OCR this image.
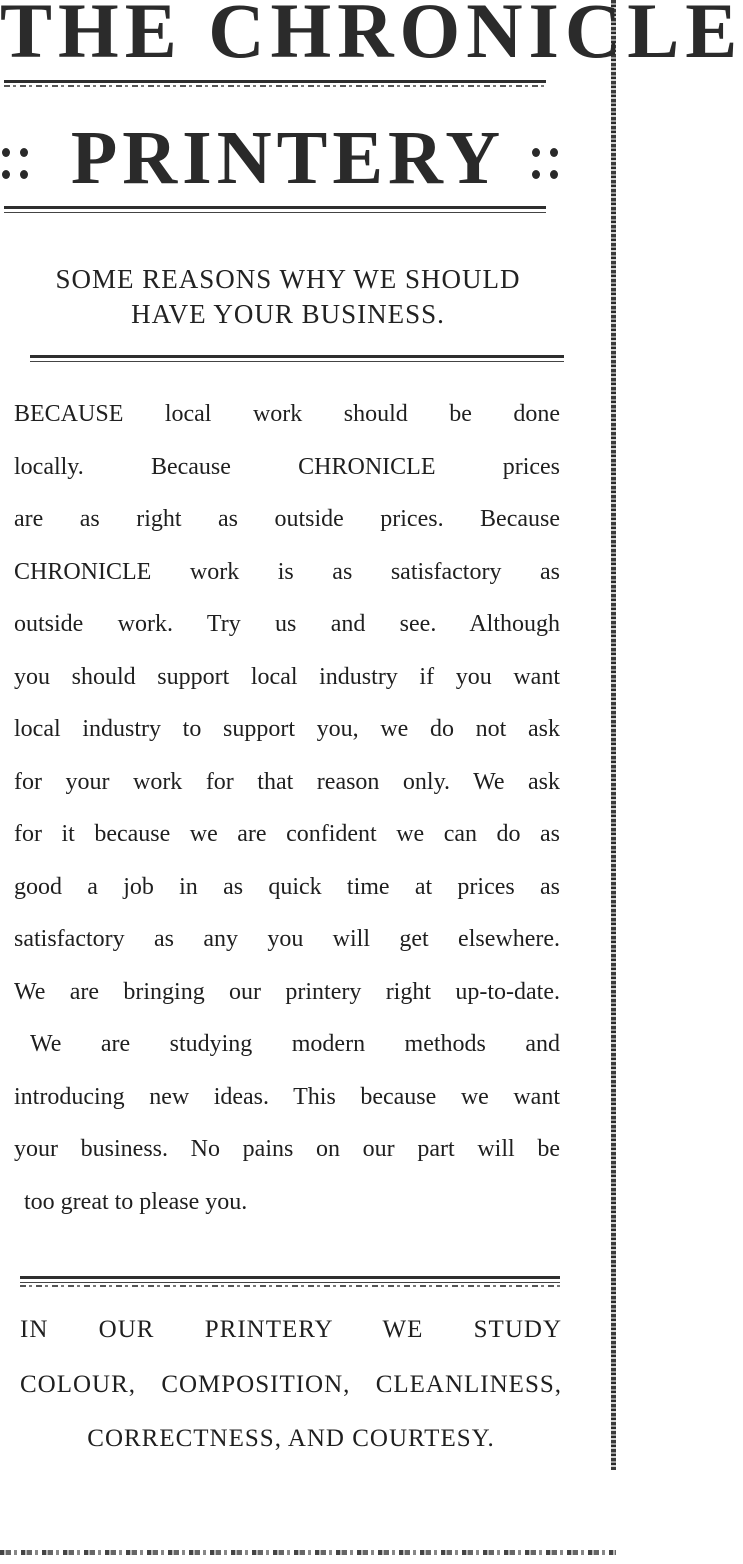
THE CHRONICLE
PRINTERY
SOME REASONS WHY WE SHOULD
HAVE YOUR BUSINESS.
BECAUSE local work should be done
locally. Because CHRONICLE prices
are as right as outside prices. Because
CHRONICLE work is as satisfactory as
outside work. Try us and see. Although
you should support local industry if you want
local industry to support you, we do not ask
for your work for that reason only. We ask
for it because we are confident we can do as
good a job in as quick time at prices as
satisfactory as any you will get elsewhere.
We are bringing our printery right up-to-date.
We are studying modern methods and
introducing new ideas. This because we want
your business. No pains on our part will be
too great to please you.
IN OUR PRINTERY WE STUDY
COLOUR, COMPOSITION, CLEANLINESS,
CORRECTNESS, AND COURTESY.
